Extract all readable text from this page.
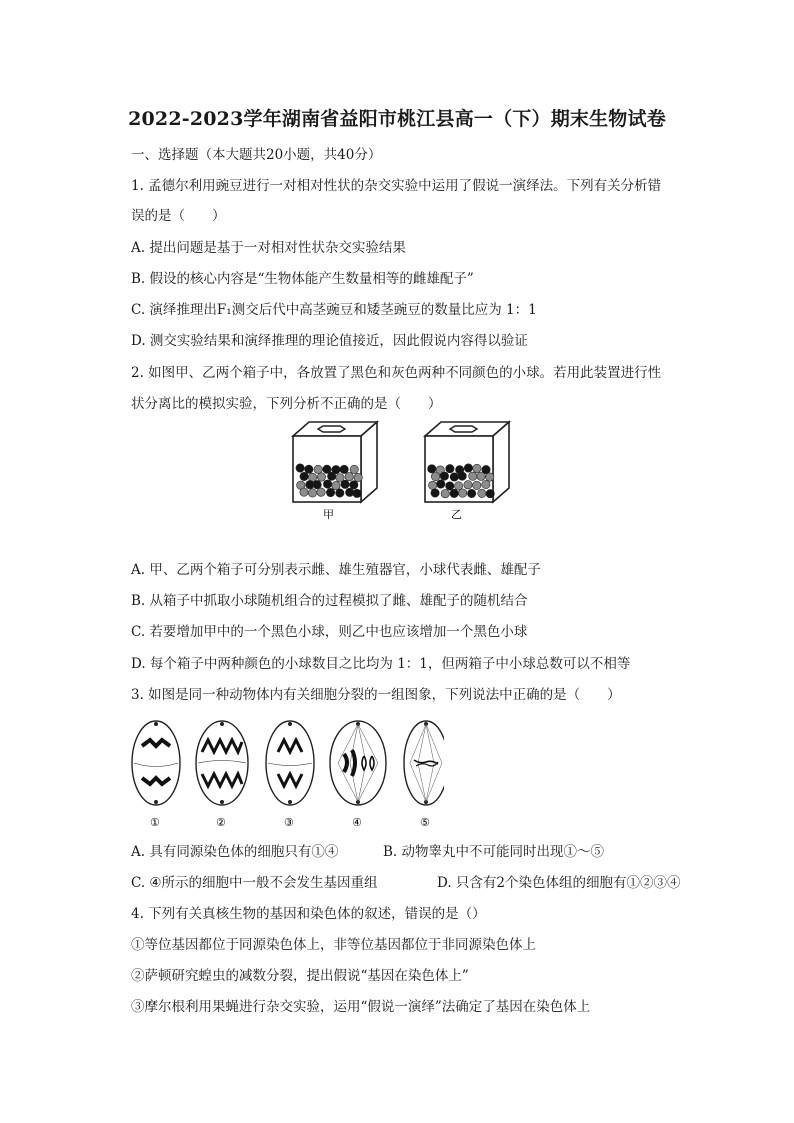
2022-2023学年湖南省益阳市桃江县高一（下）期末生物试卷
一、选择题（本大题共20小题，共40分）
1. 孟德尔利用豌豆进行一对相对性状的杂交实验中运用了假说一演绎法。下列有关分析错
误的是（　　）
A. 提出问题是基于一对相对性状杂交实验结果
B. 假设的核心内容是“生物体能产生数量相等的雌雄配子”
C. 演绎推理出F₁测交后代中高茎豌豆和矮茎豌豆的数量比应为 1：1
D. 测交实验结果和演绎推理的理论值接近，因此假说内容得以验证
2. 如图甲、乙两个箱子中，各放置了黑色和灰色两种不同颜色的小球。若用此装置进行性
状分离比的模拟实验，下列分析不正确的是（　　）
甲	乙
A. 甲、乙两个箱子可分别表示雌、雄生殖器官，小球代表雌、雄配子
B. 从箱子中抓取小球随机组合的过程模拟了雌、雄配子的随机结合
C. 若要增加甲中的一个黑色小球，则乙中也应该增加一个黑色小球
D. 每个箱子中两种颜色的小球数目之比均为 1：1，但两箱子中小球总数可以不相等
3. 如图是同一种动物体内有关细胞分裂的一组图象，下列说法中正确的是（　　）
①	②	③	④	⑤
A. 具有同源染色体的细胞只有①④	B. 动物睾丸中不可能同时出现①～⑤
C. ④所示的细胞中一般不会发生基因重组	D. 只含有2个染色体组的细胞有①②③④
4. 下列有关真核生物的基因和染色体的叙述，错误的是（）
①等位基因都位于同源染色体上，非等位基因都位于非同源染色体上
②萨顿研究蝗虫的减数分裂，提出假说“基因在染色体上”
③摩尔根利用果蝇进行杂交实验，运用“假说一演绎”法确定了基因在染色体上
